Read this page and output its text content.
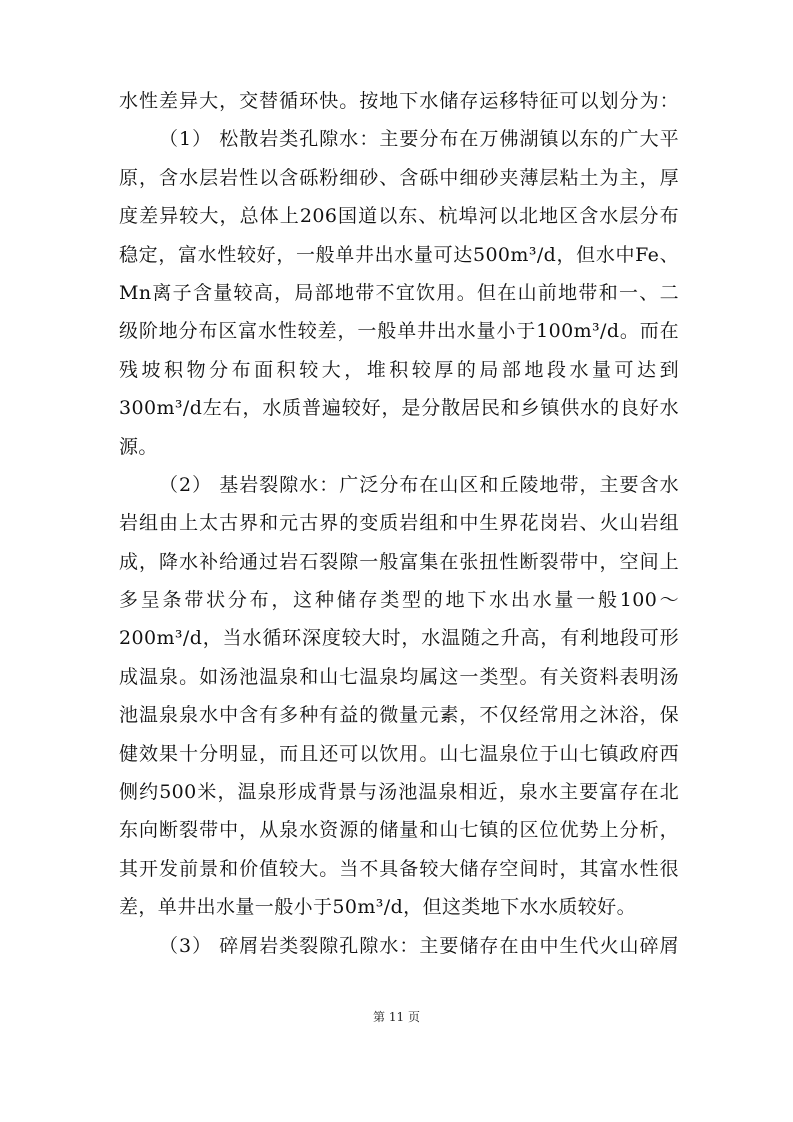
水性差异大，交替循环快。按地下水储存运移特征可以划分为：
（1） 松散岩类孔隙水：主要分布在万佛湖镇以东的广大平
原，含水层岩性以含砾粉细砂、含砾中细砂夹薄层粘土为主，厚
度差异较大，总体上206国道以东、杭埠河以北地区含水层分布
稳定，富水性较好，一般单井出水量可达500m³/d，但水中Fe、
Mn离子含量较高，局部地带不宜饮用。但在山前地带和一、二
级阶地分布区富水性较差，一般单井出水量小于100m³/d。而在
残坡积物分布面积较大，堆积较厚的局部地段水量可达到
300m³/d左右，水质普遍较好，是分散居民和乡镇供水的良好水
源。
（2） 基岩裂隙水：广泛分布在山区和丘陵地带，主要含水
岩组由上太古界和元古界的变质岩组和中生界花岗岩、火山岩组
成，降水补给通过岩石裂隙一般富集在张扭性断裂带中，空间上
多呈条带状分布，这种储存类型的地下水出水量一般100～
200m³/d，当水循环深度较大时，水温随之升高，有利地段可形
成温泉。如汤池温泉和山七温泉均属这一类型。有关资料表明汤
池温泉泉水中含有多种有益的微量元素，不仅经常用之沐浴，保
健效果十分明显，而且还可以饮用。山七温泉位于山七镇政府西
侧约500米，温泉形成背景与汤池温泉相近，泉水主要富存在北
东向断裂带中，从泉水资源的储量和山七镇的区位优势上分析，
其开发前景和价值较大。当不具备较大储存空间时，其富水性很
差，单井出水量一般小于50m³/d，但这类地下水水质较好。
（3） 碎屑岩类裂隙孔隙水：主要储存在由中生代火山碎屑
第 11 页
